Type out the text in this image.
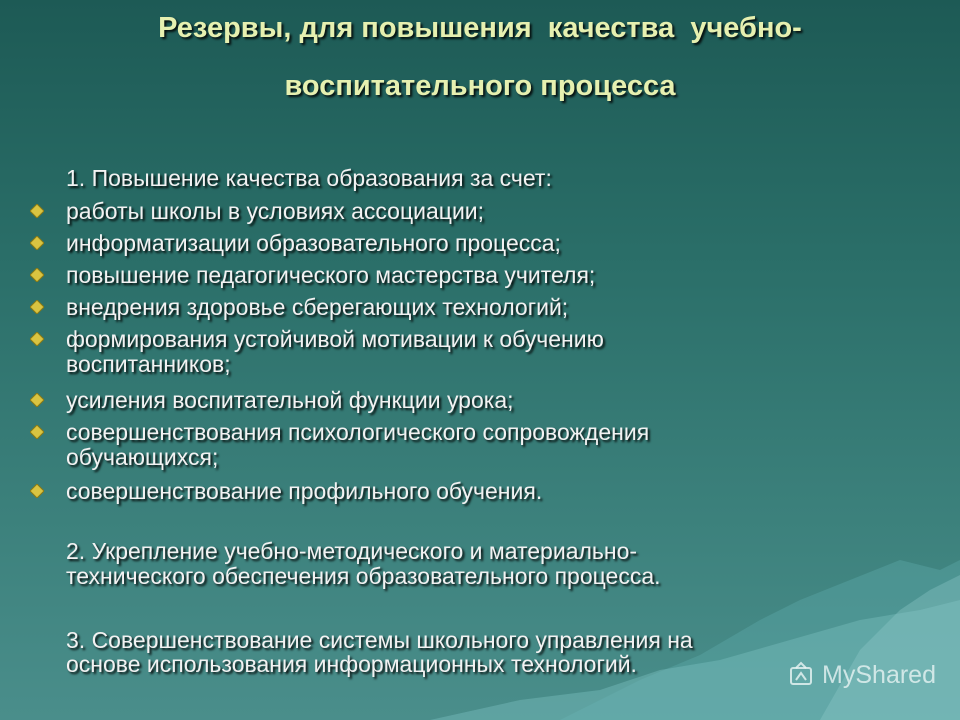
Резервы, для повышения  качества  учебно-
воспитательного процесса
1. Повышение качества образования за счет:
работы школы в условиях ассоциации;
информатизации образовательного процесса;
повышение педагогического мастерства учителя;
внедрения здоровье сберегающих технологий;
формирования устойчивой мотивации к обучению
воспитанников;
усиления воспитательной функции урока;
совершенствования психологического сопровождения
обучающихся;
совершенствование профильного обучения.
2. Укрепление учебно-методического и материально-
технического обеспечения образовательного процесса.
3. Совершенствование системы школьного управления на
основе использования информационных технологий.	MyShared
